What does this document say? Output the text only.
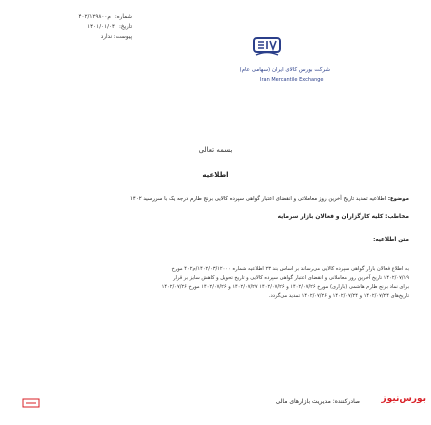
شماره:
۴۰۲/م۱۲۹۸۰۰
تاریخ:
۱۴۰۱/۰۱/۰۴
پیوست: ندارد
شرکت بورس کالای ایران (سهامی عام)
Iran Mercantile Exchange
بسمه تعالی
اطلاعیه
موضوع: اطلاعیه تمدید تاریخ آخرین روز معاملاتی و انقضای اعتبار گواهی سپرده کالایی برنج طارم درجه یک با سررسید ۱۴۰۲
مخاطب: کلیه کارگزاران و فعالان بازار سرمایه
متن اطلاعیه:
به اطلاع فعالان بازار گواهی سپرده کالایی می‌رساند بر اساس بند ۲۳ اطلاعیه شماره ۱۴۰۲/۰۳/۱۲۰۰۰/م۴۰۲ مورخ
۱۴۰۲/۰۷/۱۹ تاریخ آخرین روز معاملاتی و انقضای اعتبار گواهی سپرده کالایی و تاریخ تحویل و کاهش سایز بر قرار
برای نماد برنج طارم هاشمی (بازاری) مورخ ۱۴۰۲/۰۷/۲۶ و ۱۴۰۲/۰۷/۲۶ ۱۴۰۲/۰۷/۲۷ و ۱۴۰۲/۰۷/۲۶ مورخ ۱۴۰۲/۰۷/۲۶
تاریخ‌های ۱۴۰۲/۰۷/۲۴ و ۱۴۰۲/۰۷/۲۴ و ۱۴۰۲/۰۷/۲۶ تمدید می‌گردد.
صادرکننده: مدیریت بازارهای مالی	بورس‌نیوز
